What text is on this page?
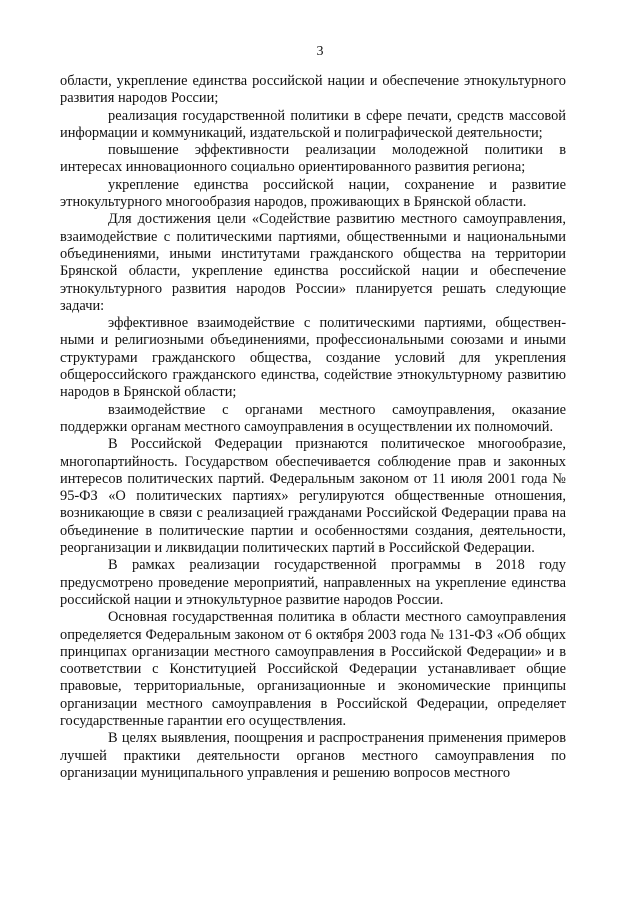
3

области, укрепление единства российской нации и обеспечение этнокультурного развития народов России;

реализация государственной политики в сфере печати, средств массовой информации и коммуникаций, издательской и полиграфической деятельности;

повышение эффективности реализации молодежной политики в интересах инновационного социально ориентированного развития региона;

укрепление единства российской нации, сохранение и развитие этнокультурного многообразия народов, проживающих в Брянской области.

Для достижения цели «Содействие развитию местного самоуправления, взаимодействие с политическими партиями, общественными и национальными объединениями, иными институтами гражданского общества на территории Брянской области, укрепление единства российской нации и обеспечение этнокультурного развития народов России» планируется решать следующие задачи:

эффективное взаимодействие с политическими партиями, общественными и религиозными объединениями, профессиональными союзами и иными структурами гражданского общества, создание условий для укрепления общероссийского гражданского единства, содействие этнокультурному развитию народов в Брянской области;

взаимодействие с органами местного самоуправления, оказание поддержки органам местного самоуправления в осуществлении их полномочий.

В Российской Федерации признаются политическое многообразие, многопартийность. Государством обеспечивается соблюдение прав и законных интересов политических партий. Федеральным законом от 11 июля 2001 года № 95-ФЗ «О политических партиях» регулируются общественные отношения, возникающие в связи с реализацией гражданами Российской Федерации права на объединение в политические партии и особенностями создания, деятельности, реорганизации и ликвидации политических партий в Российской Федерации.

В рамках реализации государственной программы в 2018 году предусмотрено проведение мероприятий, направленных на укрепление единства российской нации и этнокультурное развитие народов России.

Основная государственная политика в области местного самоуправления определяется Федеральным законом от 6 октября 2003 года № 131-ФЗ «Об общих принципах организации местного самоуправления в Российской Федерации» и в соответствии с Конституцией Российской Федерации устанавливает общие правовые, территориальные, организационные и экономические принципы организации местного самоуправления в Российской Федерации, определяет государственные гарантии его осуществления.

В целях выявления, поощрения и распространения применения примеров лучшей практики деятельности органов местного самоуправления по организации муниципального управления и решению вопросов местного
